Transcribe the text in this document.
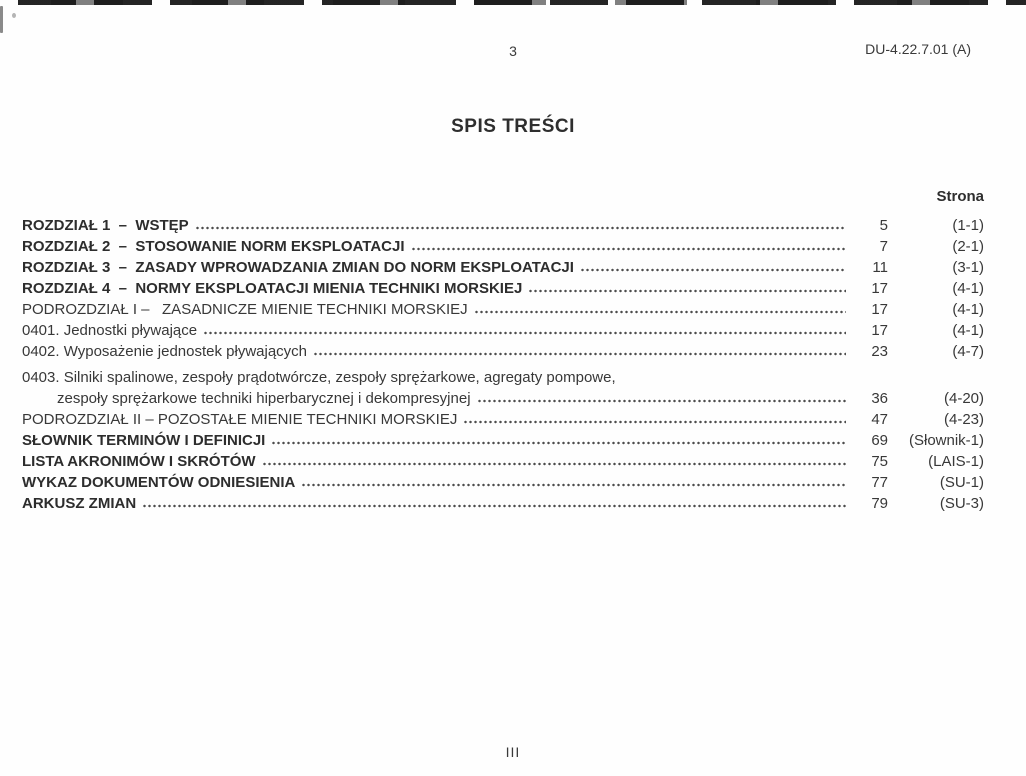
3	DU-4.22.7.01 (A)
SPIS TREŚCI
Strona
ROZDZIAŁ 1  –  WSTĘP	5	(1-1)
ROZDZIAŁ 2  –  STOSOWANIE NORM EKSPLOATACJI	7	(2-1)
ROZDZIAŁ 3  –  ZASADY WPROWADZANIA ZMIAN DO NORM EKSPLOATACJI	11	(3-1)
ROZDZIAŁ 4  –  NORMY EKSPLOATACJI MIENIA TECHNIKI MORSKIEJ	17	(4-1)
PODROZDZIAŁ I –   ZASADNICZE MIENIE TECHNIKI MORSKIEJ	17	(4-1)
0401. Jednostki pływające	17	(4-1)
0402. Wyposażenie jednostek pływających	23	(4-7)
0403. Silniki spalinowe, zespoły prądotwórcze, zespoły sprężarkowe, agregaty pompowe,
zespoły sprężarkowe techniki hiperbarycznej i dekompresyjnej	36	(4-20)
PODROZDZIAŁ II – POZOSTAŁE MIENIE TECHNIKI MORSKIEJ	47	(4-23)
SŁOWNIK TERMINÓW I DEFINICJI	69	(Słownik-1)
LISTA AKRONIMÓW I SKRÓTÓW	75	(LAIS-1)
WYKAZ DOKUMENTÓW ODNIESIENIA	77	(SU-1)
ARKUSZ ZMIAN	79	(SU-3)
III
